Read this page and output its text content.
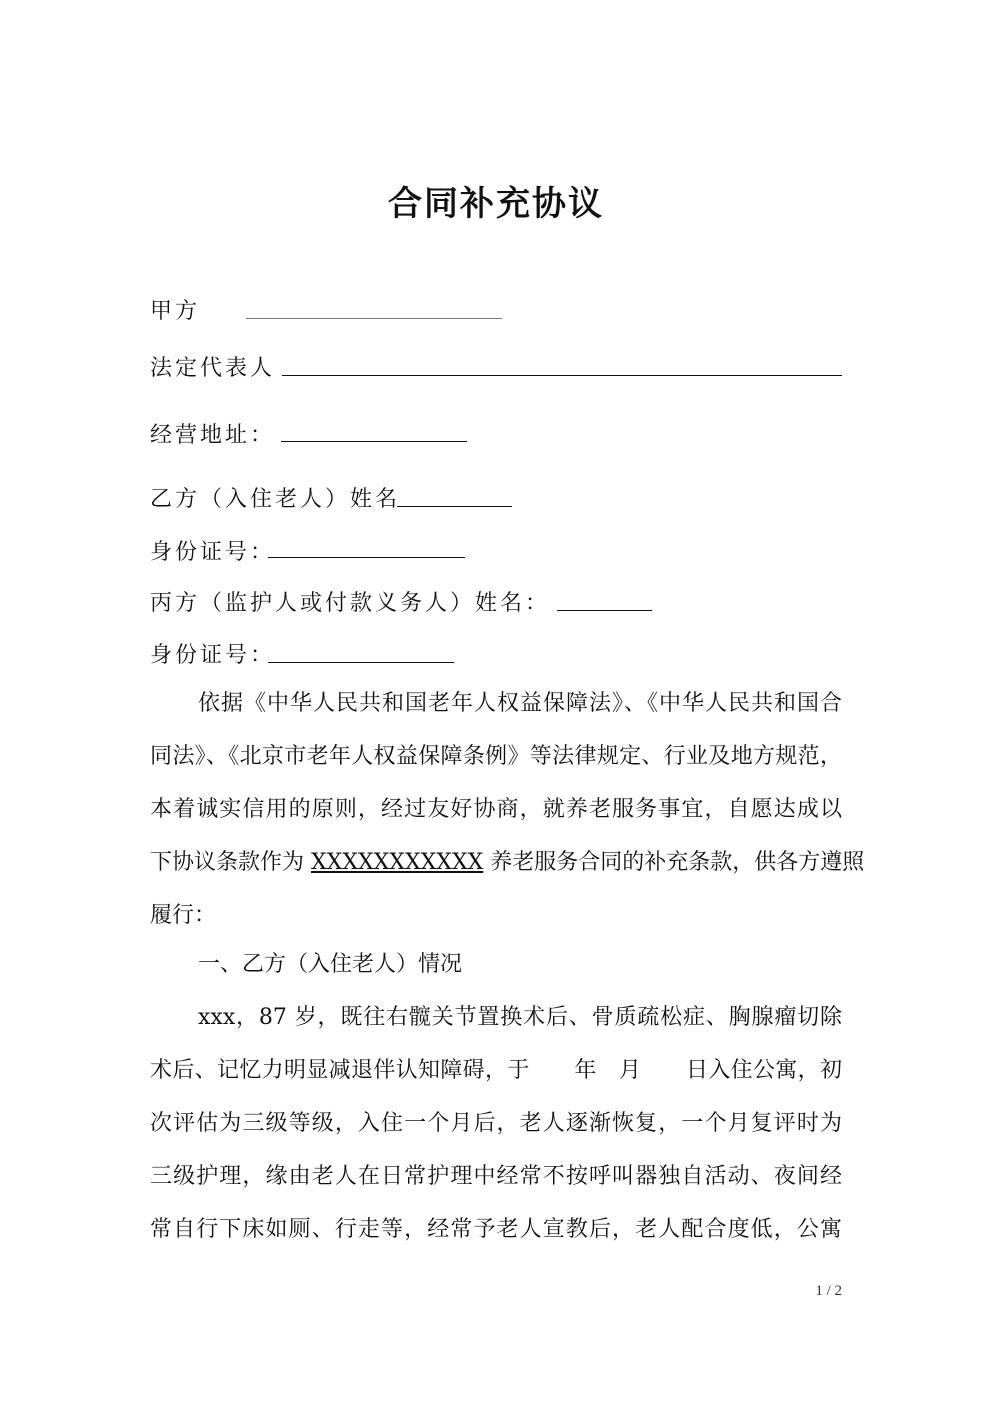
合同补充协议
甲方
法定代表人
经营地址：
乙方（入住老人）姓名
身份证号：
丙方（监护人或付款义务人）姓名：
身份证号：
依据《中华人民共和国老年人权益保障法》、《中华人民共和国合
同法》、《北京市老年人权益保障条例》等法律规定、行业及地方规范，
本着诚实信用的原则，经过友好协商，就养老服务事宜，自愿达成以
下协议条款作为 XXXXXXXXXXX 养老服务合同的补充条款，供各方遵照
履行：
一、乙方（入住老人）情况
xxx，87 岁，既往右髋关节置换术后、骨质疏松症、胸腺瘤切除
术后、记忆力明显减退伴认知障碍，于　　年　月　　日入住公寓，初
次评估为三级等级，入住一个月后，老人逐渐恢复，一个月复评时为
三级护理，缘由老人在日常护理中经常不按呼叫器独自活动、夜间经
常自行下床如厕、行走等，经常予老人宣教后，老人配合度低，公寓
1 / 2
